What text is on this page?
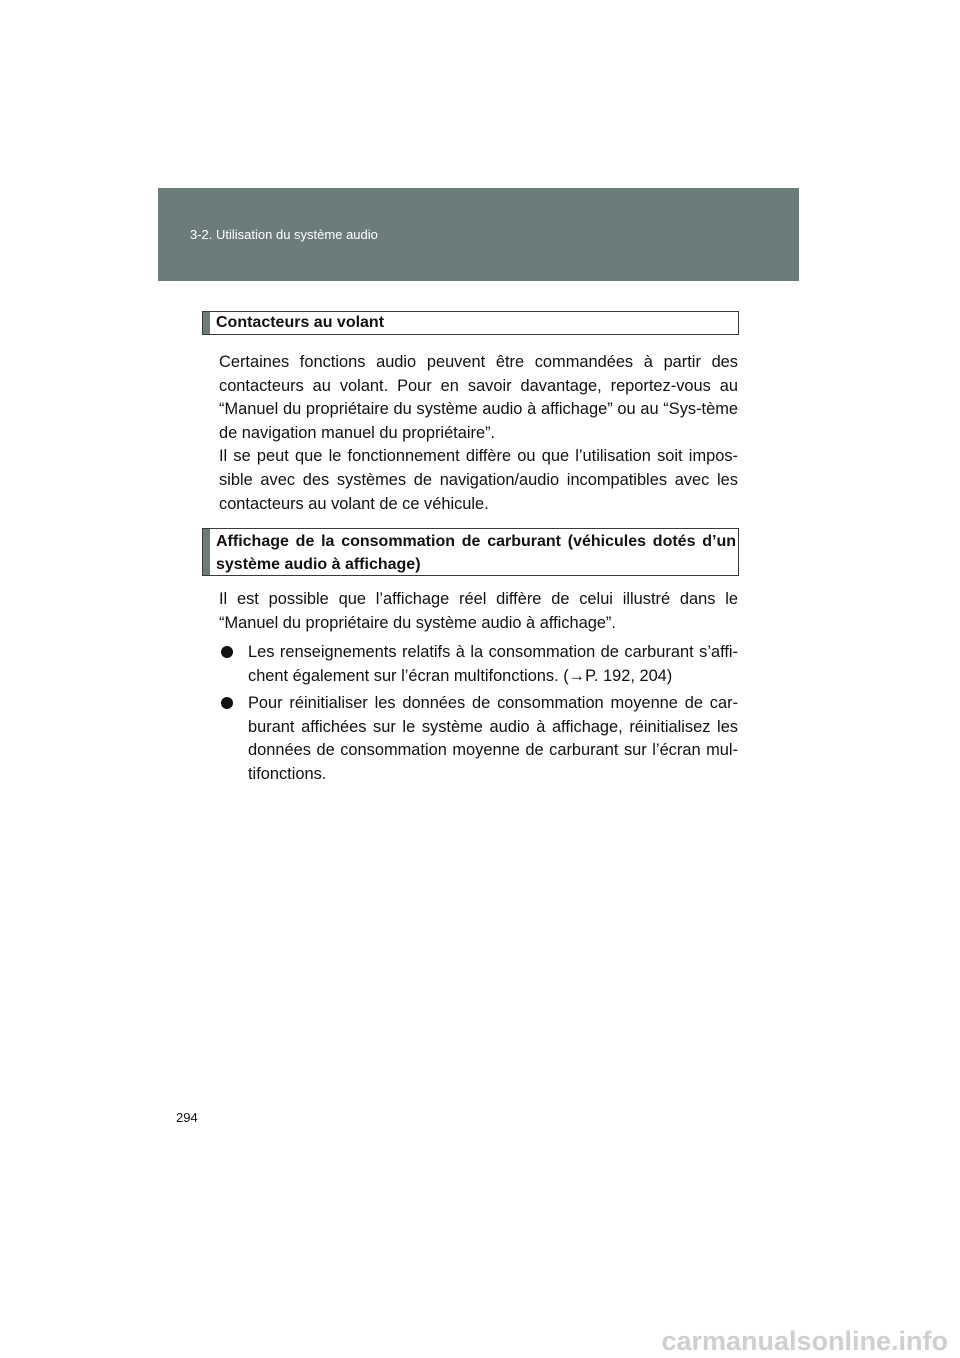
3-2. Utilisation du système audio
Contacteurs au volant
Certaines fonctions audio peuvent être commandées à partir des contacteurs au volant. Pour en savoir davantage, reportez-vous au “Manuel du propriétaire du système audio à affichage” ou au “Sys-tème de navigation manuel du propriétaire”.
Il se peut que le fonctionnement diffère ou que l’utilisation soit impos-sible avec des systèmes de navigation/audio incompatibles avec les contacteurs au volant de ce véhicule.
Affichage de la consommation de carburant (véhicules dotés d’un système audio à affichage)
Il est possible que l’affichage réel diffère de celui illustré dans le “Manuel du propriétaire du système audio à affichage”.
Les renseignements relatifs à la consommation de carburant s’affi-chent également sur l’écran multifonctions. (→P. 192, 204)
Pour réinitialiser les données de consommation moyenne de car-burant affichées sur le système audio à affichage, réinitialisez les données de consommation moyenne de carburant sur l’écran mul-tifonctions.
294
carmanualsonline.info
